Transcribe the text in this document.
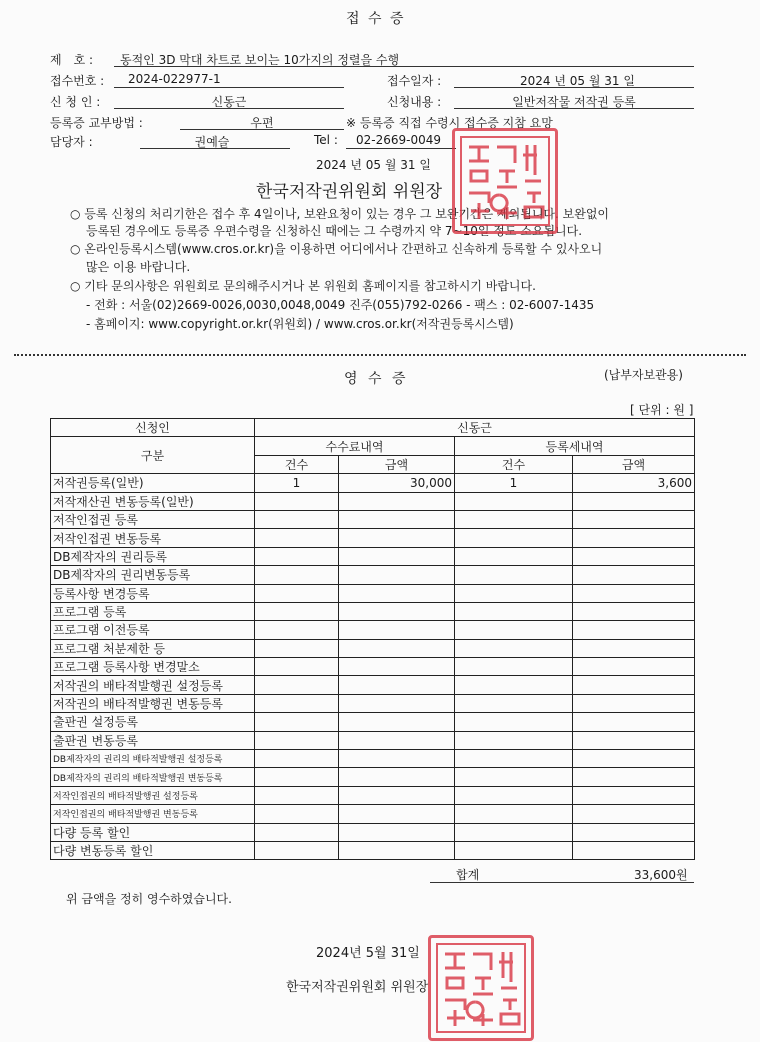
접 수 증
제　호 : 동적인 3D 막대 차트로 보이는 10가지의 정렬을 수행
접수번호 : 2024-022977-1	접수일자 :	2024 년 05 월 31 일
신 청 인 :	신동근	신청내용 :	일반저작물 저작권 등록
등록증 교부방법 :	우편	※ 등록증 직접 수령시 접수증 지참 요망
담당자 :	권예슬	Tel : 02-2669-0049
2024 년 05 월 31 일
한국저작권위원회 위원장
○ 등록 신청의 처리기한은 접수 후 4일이나, 보완요청이 있는 경우 그 보완기간은 제외됩니다. 보완없이
등록된 경우에도 등록증 우편수령을 신청하신 때에는 그 수령까지 약 7~10일 정도 소요됩니다.
○ 온라인등록시스템(www.cros.or.kr)을 이용하면 어디에서나 간편하고 신속하게 등록할 수 있사오니
많은 이용 바랍니다.
○ 기타 문의사항은 위원회로 문의해주시거나 본 위원회 홈페이지를 참고하시기 바랍니다.
- 전화 : 서울(02)2669-0026,0030,0048,0049 진주(055)792-0266 - 팩스 : 02-6007-1435
- 홈페이지: www.copyright.or.kr(위원회) / www.cros.or.kr(저작권등록시스템)
영 수 증	(납부자보관용)
[ 단위 : 원 ]
신청인	신동근			
구분	수수료내역		등록세내역	
	건수	금액	건수	금액
저작권등록(일반)	1	30,000	1	3,600
저작재산권 변동등록(일반)				
저작인접권 등록				
저작인접권 변동등록				
DB제작자의 권리등록				
DB제작자의 권리변동등록				
등록사항 변경등록				
프로그램 등록				
프로그램 이전등록				
프로그램 처분제한 등				
프로그램 등록사항 변경말소				
저작권의 배타적발행권 설정등록				
저작권의 배타적발행권 변동등록				
출판권 설정등록				
출판권 변동등록				
DB제작자의 권리의 배타적발행권 설정등록				
DB제작자의 권리의 배타적발행권 변동등록				
저작인접권의 배타적발행권 설정등록				
저작인접권의 배타적발행권 변동등록				
다량 등록 할인				
다량 변동등록 할인				
합계	33,600원
위 금액을 정히 영수하였습니다.
2024년 5월 31일
한국저작권위원회 위원장
